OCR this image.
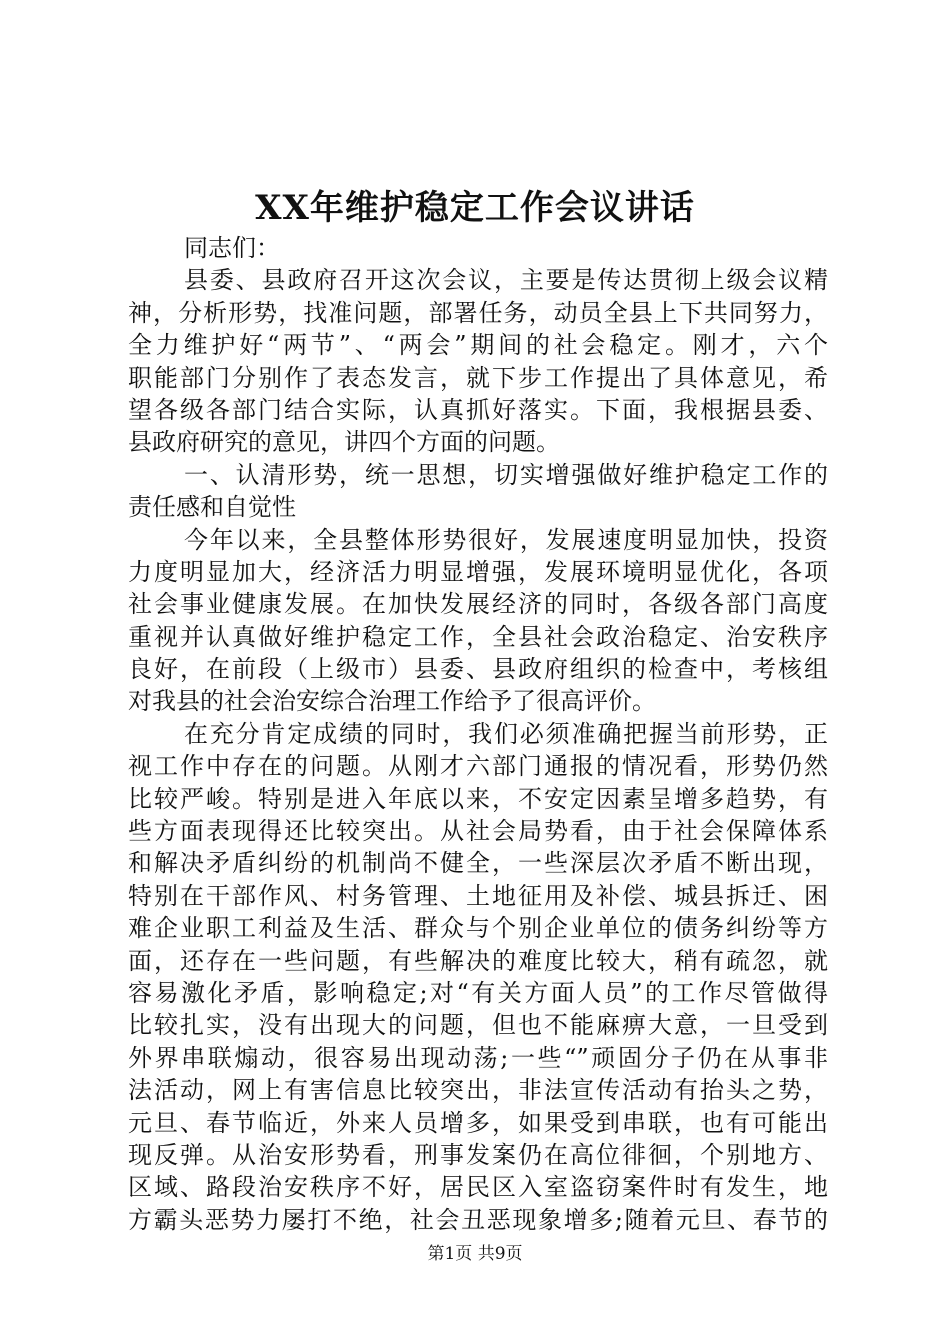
XX年维护稳定工作会议讲话
同志们：
县委、县政府召开这次会议，主要是传达贯彻上级会议精
神，分析形势，找准问题，部署任务，动员全县上下共同努力，
全力维护好“两节”、“两会”期间的社会稳定。刚才，六个
职能部门分别作了表态发言，就下步工作提出了具体意见，希
望各级各部门结合实际，认真抓好落实。下面，我根据县委、
县政府研究的意见，讲四个方面的问题。
一、认清形势，统一思想，切实增强做好维护稳定工作的
责任感和自觉性
今年以来，全县整体形势很好，发展速度明显加快，投资
力度明显加大，经济活力明显增强，发展环境明显优化，各项
社会事业健康发展。在加快发展经济的同时，各级各部门高度
重视并认真做好维护稳定工作，全县社会政治稳定、治安秩序
良好，在前段（上级市）县委、县政府组织的检查中，考核组
对我县的社会治安综合治理工作给予了很高评价。
在充分肯定成绩的同时，我们必须准确把握当前形势，正
视工作中存在的问题。从刚才六部门通报的情况看，形势仍然
比较严峻。特别是进入年底以来，不安定因素呈增多趋势，有
些方面表现得还比较突出。从社会局势看，由于社会保障体系
和解决矛盾纠纷的机制尚不健全，一些深层次矛盾不断出现，
特别在干部作风、村务管理、土地征用及补偿、城县拆迁、困
难企业职工利益及生活、群众与个别企业单位的债务纠纷等方
面，还存在一些问题，有些解决的难度比较大，稍有疏忽，就
容易激化矛盾，影响稳定;对“有关方面人员”的工作尽管做得
比较扎实，没有出现大的问题，但也不能麻痹大意，一旦受到
外界串联煽动，很容易出现动荡;一些“”顽固分子仍在从事非
法活动，网上有害信息比较突出，非法宣传活动有抬头之势，
元旦、春节临近，外来人员增多，如果受到串联，也有可能出
现反弹。从治安形势看，刑事发案仍在高位徘徊，个别地方、
区域、路段治安秩序不好，居民区入室盗窃案件时有发生，地
方霸头恶势力屡打不绝，社会丑恶现象增多;随着元旦、春节的
第1页 共9页
